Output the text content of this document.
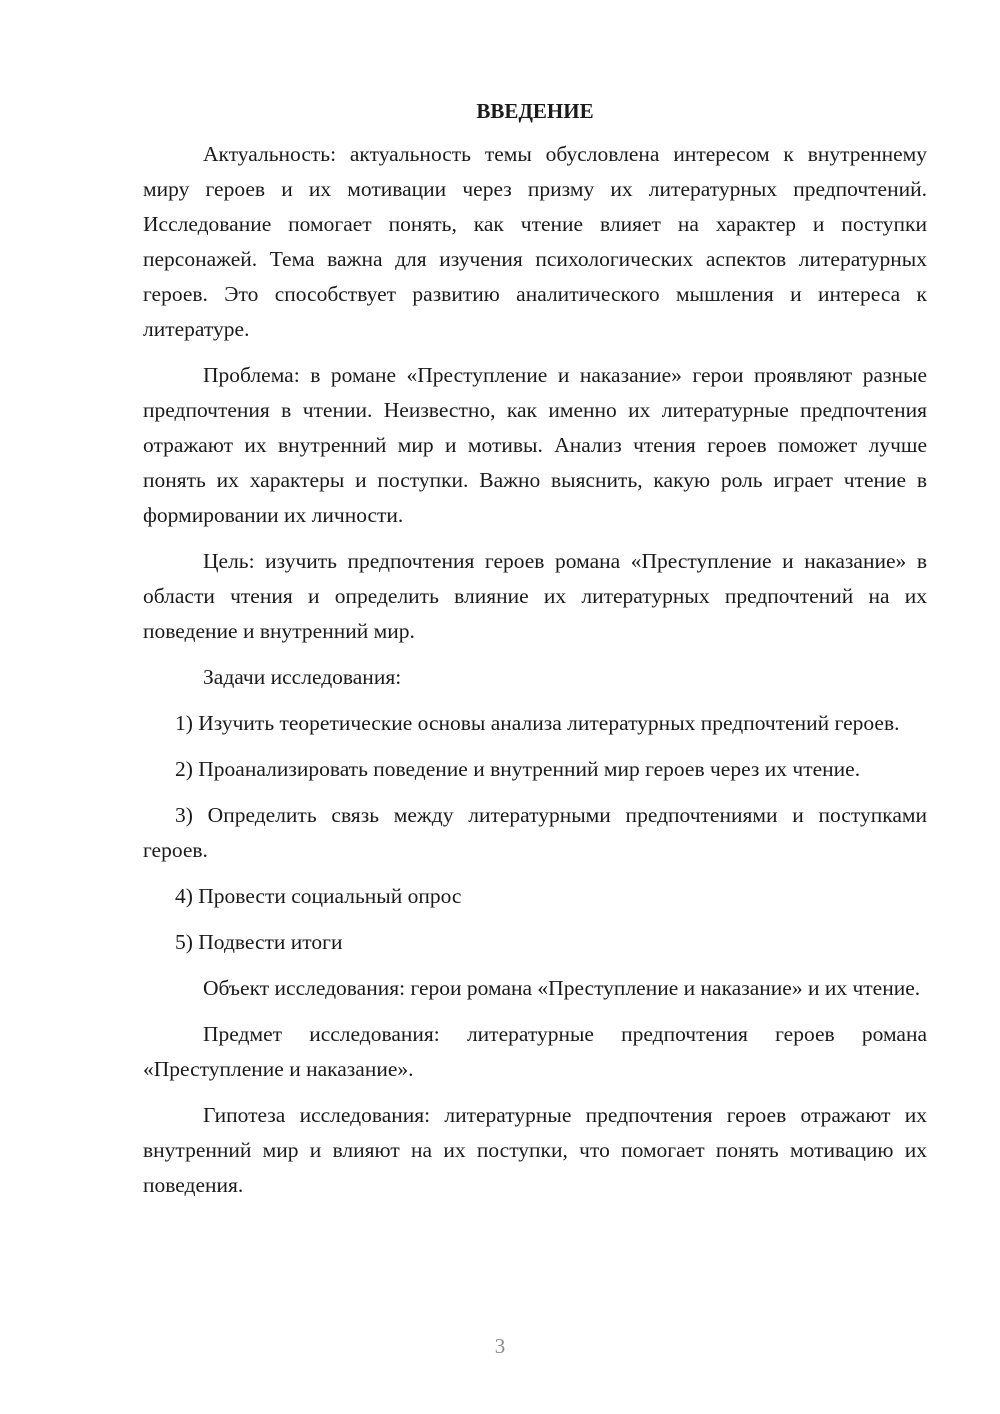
ВВЕДЕНИЕ

Актуальность: актуальность темы обусловлена интересом к внутреннему миру героев и их мотивации через призму их литературных предпочтений. Исследование помогает понять, как чтение влияет на характер и поступки персонажей. Тема важна для изучения психологических аспектов литературных героев. Это способствует развитию аналитического мышления и интереса к литературе.

Проблема: в романе «Преступление и наказание» герои проявляют разные предпочтения в чтении. Неизвестно, как именно их литературные предпочтения отражают их внутренний мир и мотивы. Анализ чтения героев поможет лучше понять их характеры и поступки. Важно выяснить, какую роль играет чтение в формировании их личности.

Цель: изучить предпочтения героев романа «Преступление и наказание» в области чтения и определить влияние их литературных предпочтений на их поведение и внутренний мир.

Задачи исследования:

1) Изучить теоретические основы анализа литературных предпочтений героев.

2) Проанализировать поведение и внутренний мир героев через их чтение.

3) Определить связь между литературными предпочтениями и поступками героев.

4) Провести социальный опрос

5) Подвести итоги

Объект исследования: герои романа «Преступление и наказание» и их чтение.

Предмет исследования: литературные предпочтения героев романа «Преступление и наказание».

Гипотеза исследования: литературные предпочтения героев отражают их внутренний мир и влияют на их поступки, что помогает понять мотивацию их поведения.

3
